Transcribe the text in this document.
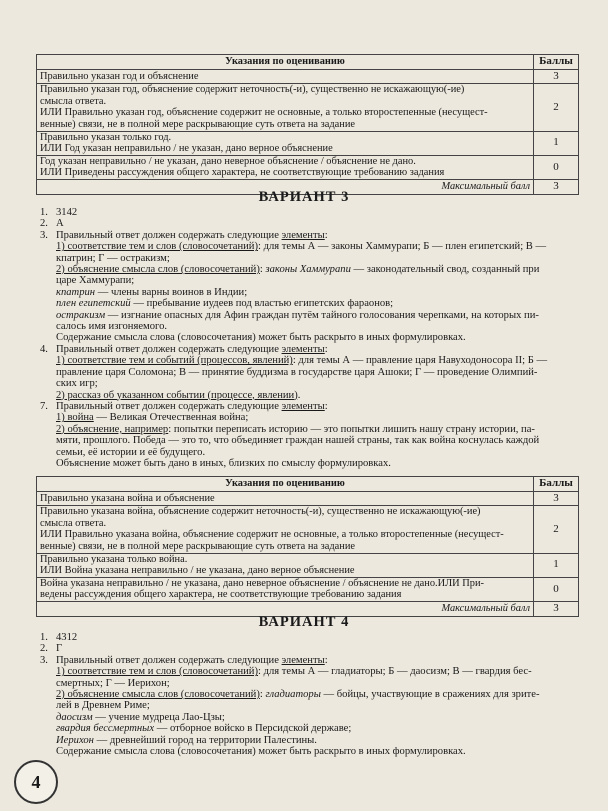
Указания по оцениванию	Баллы

Правильно указан год и объяснение	3

Правильно указан год, объяснение содержит неточность(-и), существенно не искажающую(-ие)
смысла ответа.
ИЛИ Правильно указан год, объяснение содержит не основные, а только второстепенные (несущест-
венные) связи, не в полной мере раскрывающие суть ответа на задание	2

Правильно указан только год.
ИЛИ Год указан неправильно / не указан, дано верное объяснение	1

Год указан неправильно / не указан, дано неверное объяснение / объяснение не дано.
ИЛИ Приведены рассуждения общего характера, не соответствующие требованию задания	0
Максимальный балл	3
ВАРИАНТ 3
1. 3142
2. А
3. Правильный ответ должен содержать следующие элементы:
1) соответствие тем и слов (словосочетаний): для темы А — законы Хаммурапи; Б — плен египетский; В —
кпатрин; Г — остракизм;
2) объяснение смысла слов (словосочетаний): законы Хаммурапи — законодательный свод, созданный при
царе Хаммурапи;
кпатрин — члены варны воинов в Индии;
плен египетский — пребывание иудеев под властью египетских фараонов;
остракизм — изгнание опасных для Афин граждан путём тайного голосования черепками, на которых пи-
салось имя изгоняемого.
Содержание смысла слова (словосочетания) может быть раскрыто в иных формулировках.
4. Правильный ответ должен содержать следующие элементы:
1) соответствие тем и событий (процессов, явлений): для темы А — правление царя Навуходоносора II; Б —
правление царя Соломона; В — принятие буддизма в государстве царя Ашоки; Г — проведение Олимпий-
ских игр;
2) рассказ об указанном событии (процессе, явлении).
7. Правильный ответ должен содержать следующие элементы:
1) война — Великая Отечественная война;
2) объяснение, например: попытки переписать историю — это попытки лишить нашу страну истории, па-
мяти, прошлого. Победа — это то, что объединяет граждан нашей страны, так как война коснулась каждой
семьи, её истории и её будущего.
Объяснение может быть дано в иных, близких по смыслу формулировках.
Указания по оцениванию	Баллы

Правильно указана война и объяснение	3

Правильно указана война, объяснение содержит неточность(-и), существенно не искажающую(-ие)
смысла ответа.
ИЛИ Правильно указана война, объяснение содержит не основные, а только второстепенные (несущест-
венные) связи, не в полной мере раскрывающие суть ответа на задание	2

Правильно указана только война.
ИЛИ Война указана неправильно / не указана, дано верное объяснение	1

Война указана неправильно / не указана, дано неверное объяснение / объяснение не дано.ИЛИ При-
ведены рассуждения общего характера, не соответствующие требованию задания	0
Максимальный балл	3
ВАРИАНТ 4
1. 4312
2. Г
3. Правильный ответ должен содержать следующие элементы:
1) соответствие тем и слов (словосочетаний): для темы А — гладиаторы; Б — даосизм; В — гвардия бес-
смертных; Г — Иерихон;
2) объяснение смысла слов (словосочетаний): гладиаторы — бойцы, участвующие в сражениях для зрите-
лей в Древнем Риме;
даосизм — учение мудреца Лао-Цзы;
гвардия бессмертных — отборное войско в Персидской державе;
Иерихон — древнейший город на территории Палестины.
Содержание смысла слова (словосочетания) может быть раскрыто в иных формулировках.
4
